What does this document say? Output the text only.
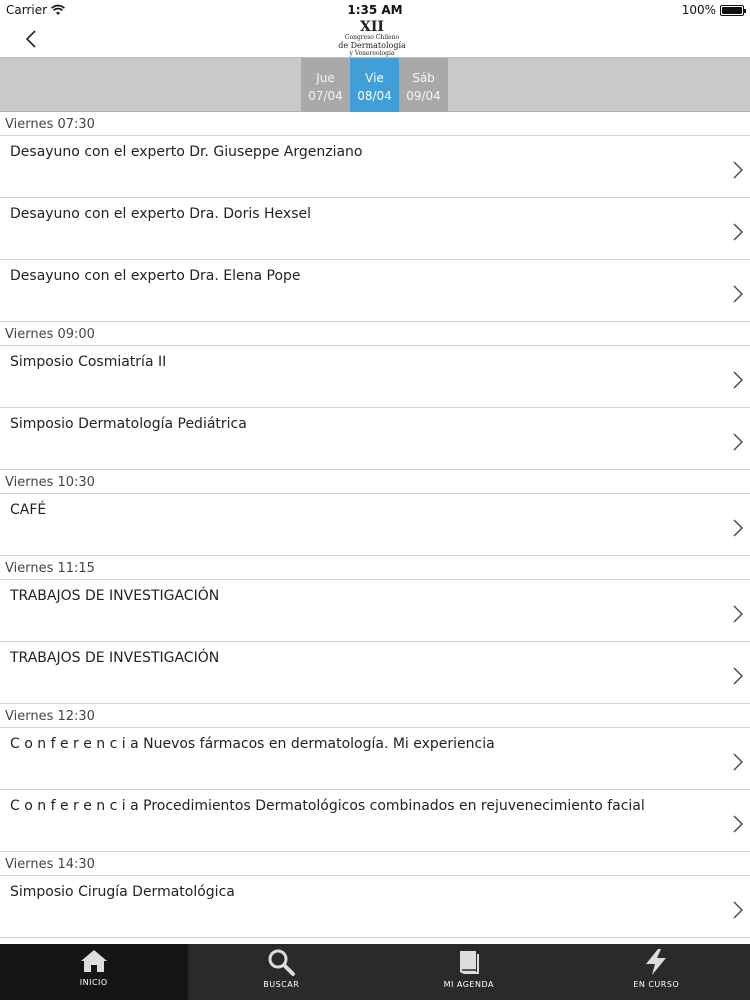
Carrier	1:35 AM	100%
XII
Congreso Chileno
de Dermatología
y Venereología
Jue
07/04
Vie
08/04
Sáb
09/04
Viernes 07:30
Desayuno con el experto Dr. Giuseppe Argenziano
Desayuno con el experto Dra. Doris Hexsel
Desayuno con el experto Dra. Elena Pope
Viernes 09:00
Simposio Cosmiatría II
Simposio Dermatología Pediátrica
Viernes 10:30
CAFÉ
Viernes 11:15
TRABAJOS DE INVESTIGACIÓN
TRABAJOS DE INVESTIGACIÓN
Viernes 12:30
C o n f e r e n c i a Nuevos fármacos en dermatología. Mi experiencia
C o n f e r e n c i a Procedimientos Dermatológicos combinados en rejuvenecimiento facial
Viernes 14:30
Simposio Cirugía Dermatológica
INICIO	BUSCAR	MI AGENDA	EN CURSO
